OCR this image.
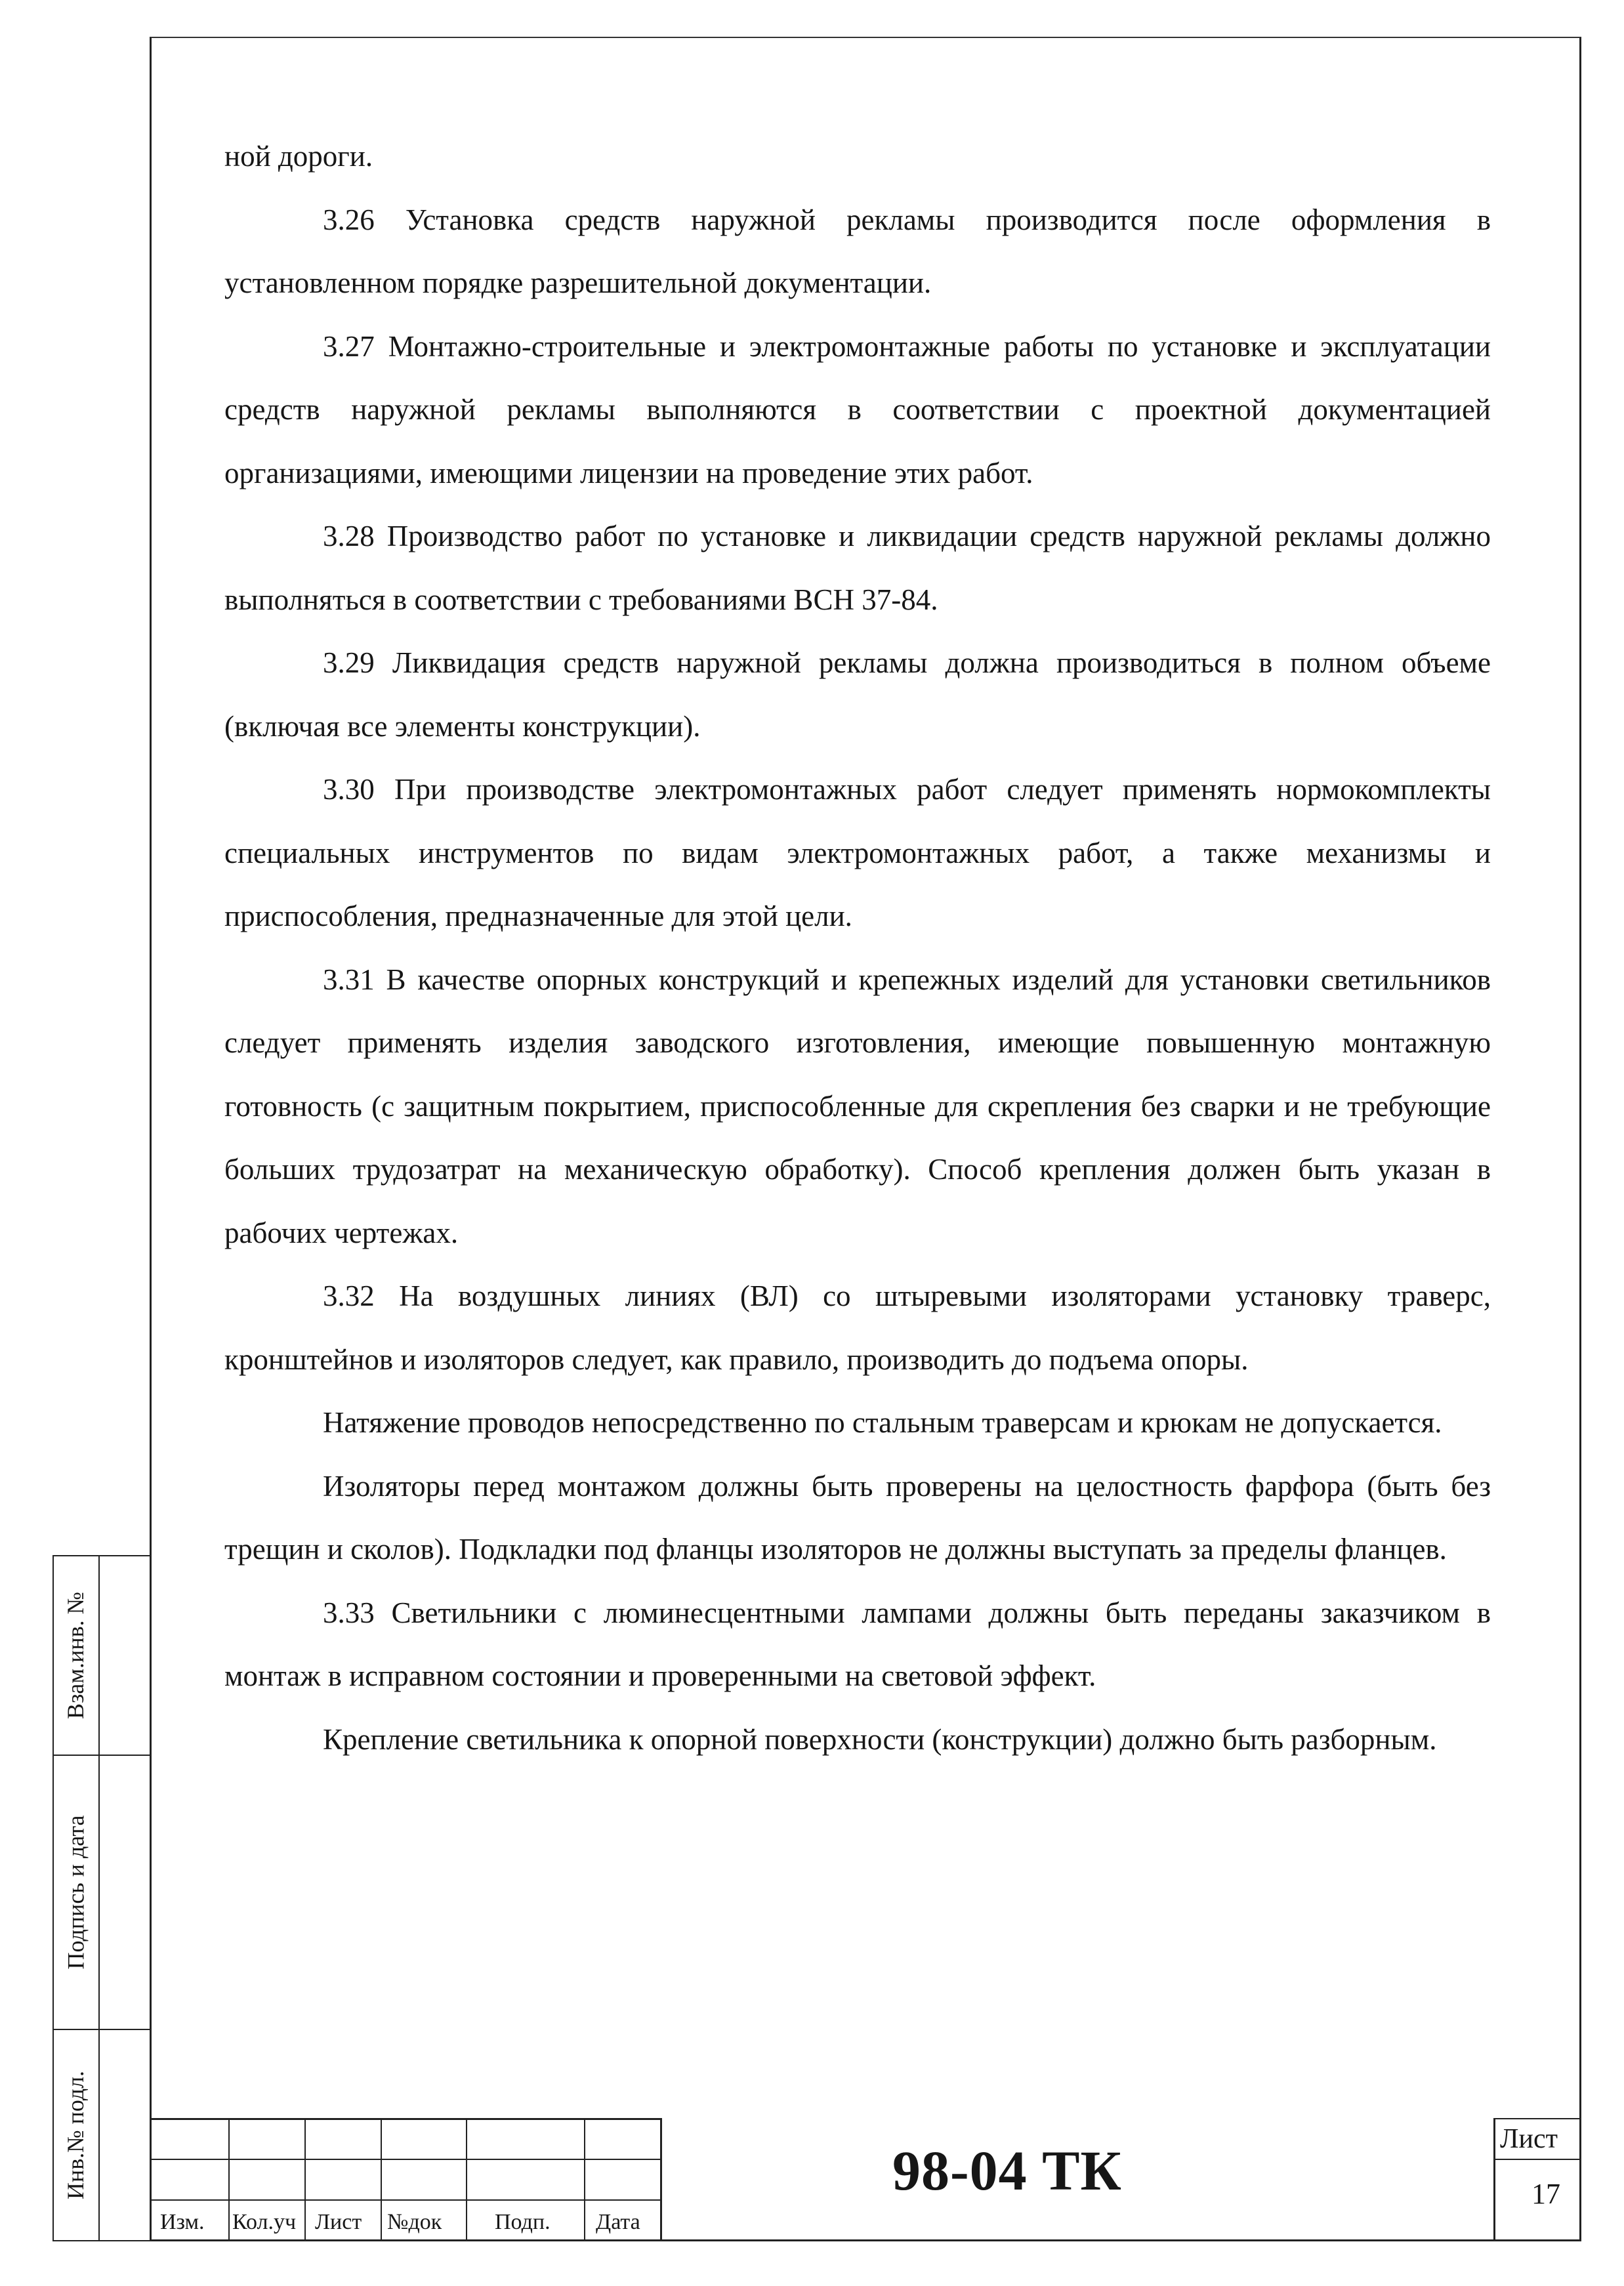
ной дороги.

3.26 Установка средств наружной рекламы производится после оформления в установленном порядке разрешительной документации.

3.27 Монтажно-строительные и электромонтажные работы по установке и эксплуатации средств наружной рекламы выполняются в соответствии с проектной документацией организациями, имеющими лицензии на проведение этих работ.

3.28 Производство работ по установке и ликвидации средств наружной рекламы должно выполняться в соответствии с требованиями ВСН 37-84.

3.29 Ликвидация средств наружной рекламы должна производиться в полном объеме (включая все элементы конструкции).

3.30 При производстве электромонтажных работ следует применять нормокомплекты специальных инструментов по видам электромонтажных работ, а также механизмы и приспособления, предназначенные для этой цели.

3.31 В качестве опорных конструкций и крепежных изделий для установки светильников следует применять изделия заводского изготовления, имеющие повышенную монтажную готовность (с защитным покрытием, приспособленные для скрепления без сварки и не требующие больших трудозатрат на механическую обработку). Способ крепления должен быть указан в рабочих чертежах.

3.32 На воздушных линиях (ВЛ) со штыревыми изоляторами установку траверс, кронштейнов и изоляторов следует, как правило, производить до подъема опоры.

Натяжение проводов непосредственно по стальным траверсам и крюкам не допускается.

Изоляторы перед монтажом должны быть проверены на целостность фарфора (быть без трещин и сколов). Подкладки под фланцы изоляторов не должны выступать за пределы фланцев.

3.33 Светильники с люминесцентными лампами должны быть переданы заказчиком в монтаж в исправном состоянии и проверенными на световой эффект.

Крепление светильника к опорной поверхности (конструкции) должно быть разборным.

Взам.инв. №
Подпись и дата
Инв.№ подл.
Изм. Кол.уч Лист №док Подп. Дата
98-04 ТК	Лист
17
